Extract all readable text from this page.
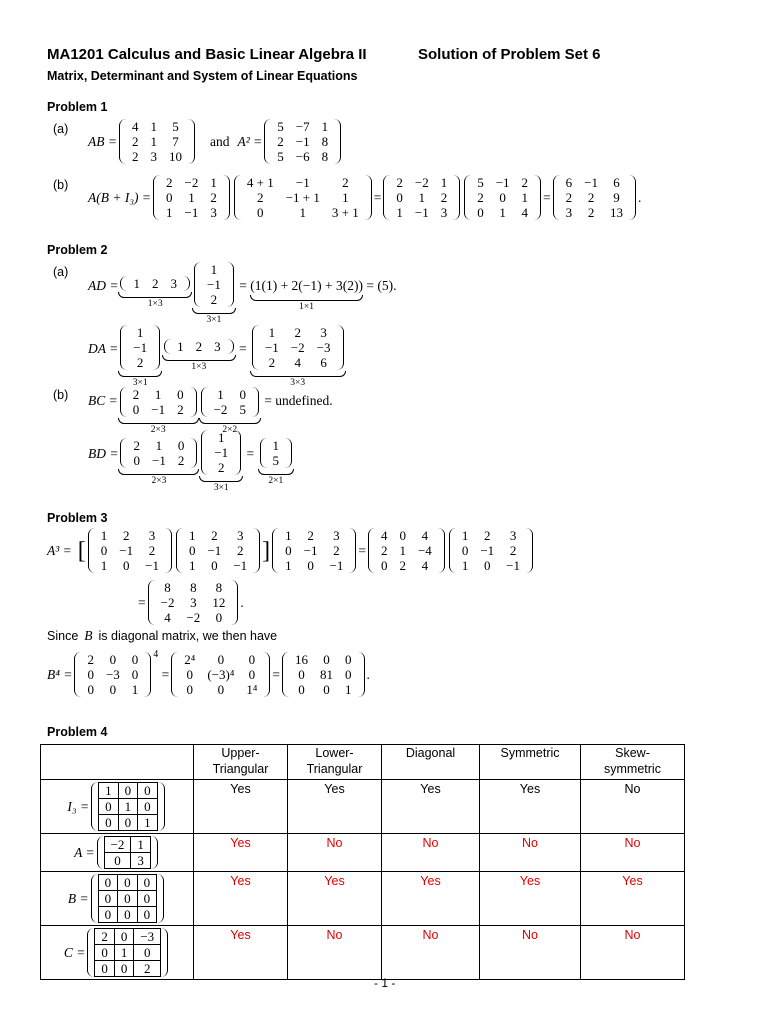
MA1201 Calculus and Basic Linear Algebra II	Solution of Problem Set 6
Matrix, Determinant and System of Linear Equations
Problem 1
(a)
AB =
4	1	5
2	1	7
2	3	10
and A² =
5	−7	1
2	−1	8
5	−6	8
(b)
A(B + I₃) =
2	−2	1
0	1	2
1	−1	3
4 + 1	−1	2
2	−1 + 1	1
0	1	3 + 1
=
2	−2	1
0	1	2
1	−1	3
5	−1	2
2	0	1
0	1	4
=
6	−1	6
2	2	9
3	2	13
.
Problem 2
(a)
AD = 1	2	3
1×3
1
−1
2
3×1
= (1(1) + 2(−1) + 3(2))
1×1

= (5).
DA =
1
−1
2
3×1
1	2	3
1×3
=
1	2	3
−1	−2	−3
2	4	6
3×3
(b) BC = 2	1	0
0	−1	2
2×3
1	0
−2	5
2×2

= undefined.
BD =
2	1	0
0	−1	2
2×3
1
−1
2
3×1
=
1
5
2×1
Problem 3
A³ = [
1	2	3
0	−1	2
1	0	−1
1	2	3
0	−1	2
1	0	−1
]
1	2	3
0	−1	2
1	0	−1
=
4	0	4
2	1	−4
0	2	4
1	2	3
0	−1	2
1	0	−1
=
8	8	8
−2	3	12
4	−2	0
.
Since B is diagonal matrix, we then have
B⁴ =
2	0	0
0	−3	0
0	0	1
$^4$
=
2⁴	0	0
0	(−3)⁴	0
0	0	1⁴
=
16	0	0
0	81	0
0	0	1
.
Problem 4
	Upper-
Triangular	Lower-
Triangular	Diagonal	Symmetric	Skew-
symmetric

I₃ =
1	0	0
0	1	0
0	0	1
	Yes	Yes	Yes	Yes	No

A = −2	1
0	3
	Yes	No	No	No	No

B =
0	0	0
0	0	0
0	0	0
	Yes	Yes	Yes	Yes	Yes

C =
2	0	−3
0	1	0
0	0	2
	Yes	No	No	No	No
- 1 -
